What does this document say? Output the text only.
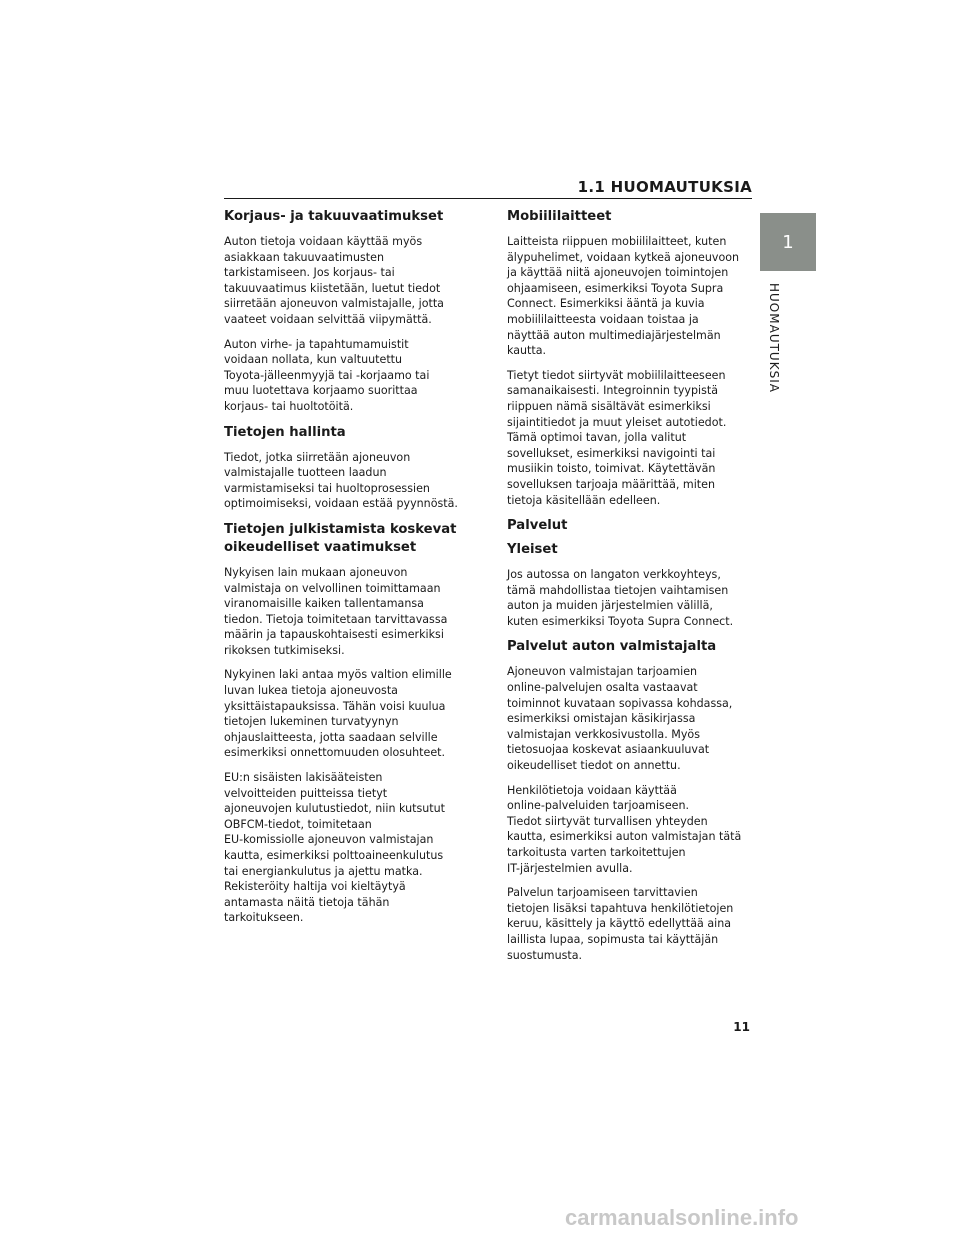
1.1 HUOMAUTUKSIA
Korjaus- ja takuuvaatimukset

Auton tietoja voidaan käyttää myös
asiakkaan takuuvaatimusten
tarkistamiseen. Jos korjaus- tai
takuuvaatimus kiistetään, luetut tiedot
siirretään ajoneuvon valmistajalle, jotta
vaateet voidaan selvittää viipymättä.

Auton virhe- ja tapahtumamuistit
voidaan nollata, kun valtuutettu
Toyota-jälleenmyyjä tai -korjaamo tai
muu luotettava korjaamo suorittaa
korjaus- tai huoltotöitä.

Tietojen hallinta

Tiedot, jotka siirretään ajoneuvon
valmistajalle tuotteen laadun
varmistamiseksi tai huoltoprosessien
optimoimiseksi, voidaan estää pyynnöstä.

Tietojen julkistamista koskevat
oikeudelliset vaatimukset

Nykyisen lain mukaan ajoneuvon
valmistaja on velvollinen toimittamaan
viranomaisille kaiken tallentamansa
tiedon. Tietoja toimitetaan tarvittavassa
määrin ja tapauskohtaisesti esimerkiksi
rikoksen tutkimiseksi.

Nykyinen laki antaa myös valtion elimille
luvan lukea tietoja ajoneuvosta
yksittäistapauksissa. Tähän voisi kuulua
tietojen lukeminen turvatyynyn
ohjauslaitteesta, jotta saadaan selville
esimerkiksi onnettomuuden olosuhteet.

EU:n sisäisten lakisääteisten
velvoitteiden puitteissa tietyt
ajoneuvojen kulutustiedot, niin kutsutut
OBFCM-tiedot, toimitetaan
EU-komissiolle ajoneuvon valmistajan
kautta, esimerkiksi polttoaineenkulutus
tai energiankulutus ja ajettu matka.
Rekisteröity haltija voi kieltäytyä
antamasta näitä tietoja tähän
tarkoitukseen.

Mobiililaitteet

Laitteista riippuen mobiililaitteet, kuten
älypuhelimet, voidaan kytkeä ajoneuvoon
ja käyttää niitä ajoneuvojen toimintojen
ohjaamiseen, esimerkiksi Toyota Supra
Connect. Esimerkiksi ääntä ja kuvia
mobiililaitteesta voidaan toistaa ja
näyttää auton multimediajärjestelmän
kautta.

Tietyt tiedot siirtyvät mobiililaitteeseen
samanaikaisesti. Integroinnin tyypistä
riippuen nämä sisältävät esimerkiksi
sijaintitiedot ja muut yleiset autotiedot.
Tämä optimoi tavan, jolla valitut
sovellukset, esimerkiksi navigointi tai
musiikin toisto, toimivat. Käytettävän
sovelluksen tarjoaja määrittää, miten
tietoja käsitellään edelleen.

Palvelut
Yleiset

Jos autossa on langaton verkkoyhteys,
tämä mahdollistaa tietojen vaihtamisen
auton ja muiden järjestelmien välillä,
kuten esimerkiksi Toyota Supra Connect.

Palvelut auton valmistajalta

Ajoneuvon valmistajan tarjoamien
online-palvelujen osalta vastaavat
toiminnot kuvataan sopivassa kohdassa,
esimerkiksi omistajan käsikirjassa
valmistajan verkkosivustolla. Myös
tietosuojaa koskevat asiaankuuluvat
oikeudelliset tiedot on annettu.

Henkilötietoja voidaan käyttää
online-palveluiden tarjoamiseen.
Tiedot siirtyvät turvallisen yhteyden
kautta, esimerkiksi auton valmistajan tätä
tarkoitusta varten tarkoitettujen
IT-järjestelmien avulla.

Palvelun tarjoamiseen tarvittavien
tietojen lisäksi tapahtuva henkilötietojen
keruu, käsittely ja käyttö edellyttää aina
laillista lupaa, sopimusta tai käyttäjän
suostumusta.

1
HUOMAUTUKSIA
11
carmanualsonline.info
